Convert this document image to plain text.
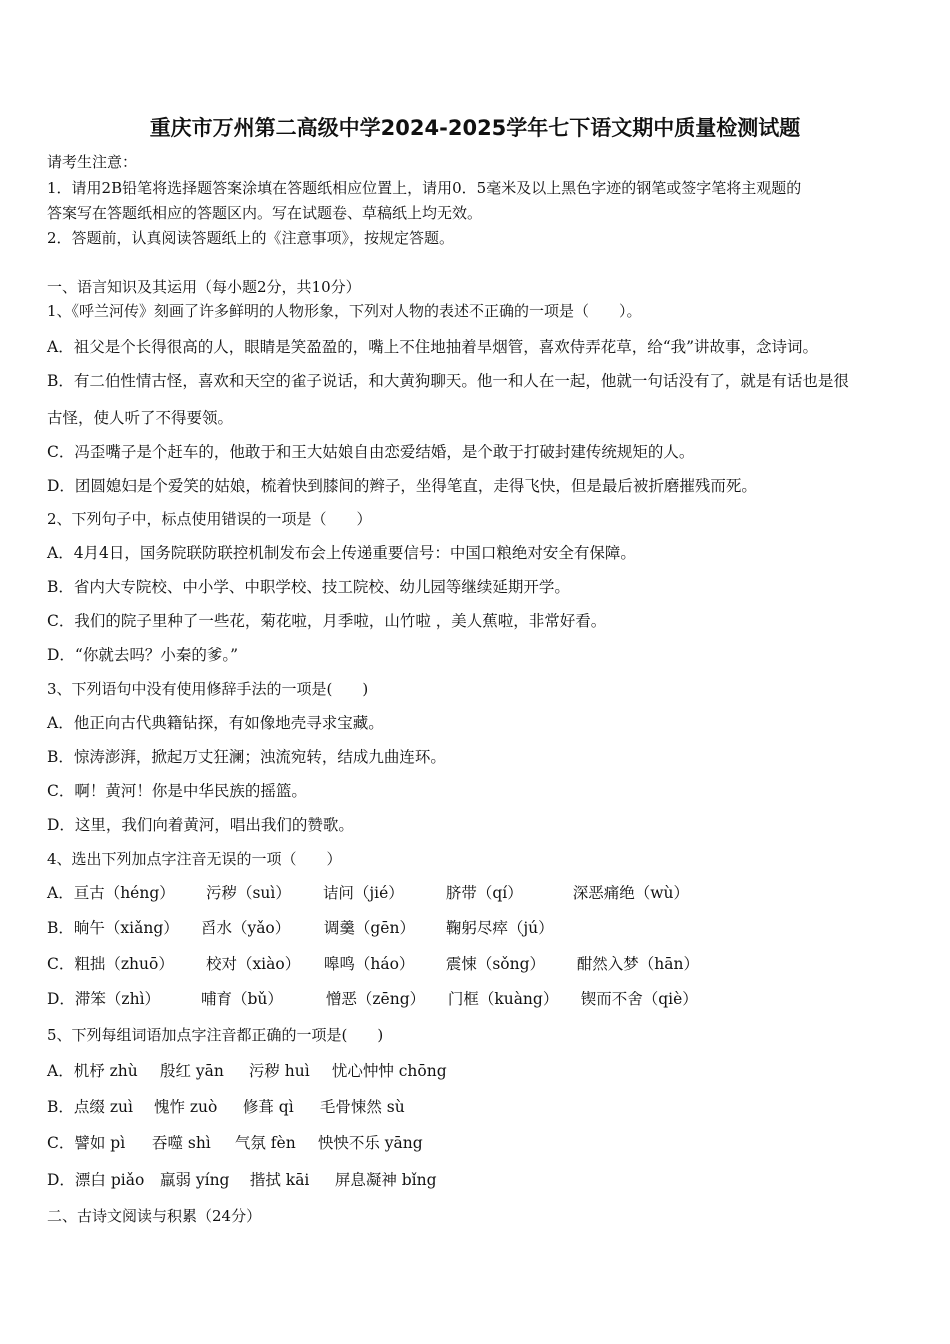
重庆市万州第二高级中学2024-2025学年七下语文期中质量检测试题
请考生注意：
1．请用2B铅笔将选择题答案涂填在答题纸相应位置上，请用0．5毫米及以上黑色字迹的钢笔或签字笔将主观题的
答案写在答题纸相应的答题区内。写在试题卷、草稿纸上均无效。
2．答题前，认真阅读答题纸上的《注意事项》，按规定答题。
一、语言知识及其运用（每小题2分，共10分）
1、《呼兰河传》刻画了许多鲜明的人物形象，下列对人物的表述不正确的一项是（　　）。
A．祖父是个长得很高的人，眼睛是笑盈盈的，嘴上不住地抽着旱烟管，喜欢侍弄花草，给“我”讲故事，念诗词。
B．有二伯性情古怪，喜欢和天空的雀子说话，和大黄狗聊天。他一和人在一起，他就一句话没有了，就是有话也是很
古怪，使人听了不得要领。
C．冯歪嘴子是个赶车的，他敢于和王大姑娘自由恋爱结婚，是个敢于打破封建传统规矩的人。
D．团圆媳妇是个爱笑的姑娘，梳着快到膝间的辫子，坐得笔直，走得飞快，但是最后被折磨摧残而死。
2、下列句子中，标点使用错误的一项是（　　）
A．4月4日，国务院联防联控机制发布会上传递重要信号：中国口粮绝对安全有保障。
B．省内大专院校、中小学、中职学校、技工院校、幼儿园等继续延期开学。
C．我们的院子里种了一些花，菊花啦，月季啦，山竹啦 ，美人蕉啦，非常好看。
D．“你就去吗？小秦的爹。”
3、下列语句中没有使用修辞手法的一项是(　　)
A．他正向古代典籍钻探，有如像地壳寻求宝藏。
B．惊涛澎湃，掀起万丈狂澜；浊流宛转，结成九曲连环。
C．啊！黄河！你是中华民族的摇篮。
D．这里，我们向着黄河，唱出我们的赞歌。
4、选出下列加点字注音无误的一项（　　）
A．亘古（héng） 污秽（suì） 诘问（jié）	脐带（qí）	深恶痛绝（wù）
B．晌午（xiǎng） 舀水（yǎo） 调羹（gēn） 鞠躬尽瘁（jú）
C．粗拙（zhuō） 校对（xiào） 嗥鸣（háo） 震悚（sǒng） 酣然入梦（hān）
D．滞笨（zhì）	哺育（bǔ）	憎恶（zēng） 门框（kuàng） 锲而不舍（qiè）
5、下列每组词语加点字注音都正确的一项是(　　)
A．机杼 zhù 殷红 yān 污秽 huì 忧心忡忡 chōng
B．点缀 zuì 愧怍 zuò 修葺 qì 毛骨悚然 sù
C．譬如 pì 吞噬 shì 气氛 fèn 怏怏不乐 yāng
D．漂白 piǎo 羸弱 yíng 揩拭 kāi 屏息凝神 bǐng
二、古诗文阅读与积累（24分）
